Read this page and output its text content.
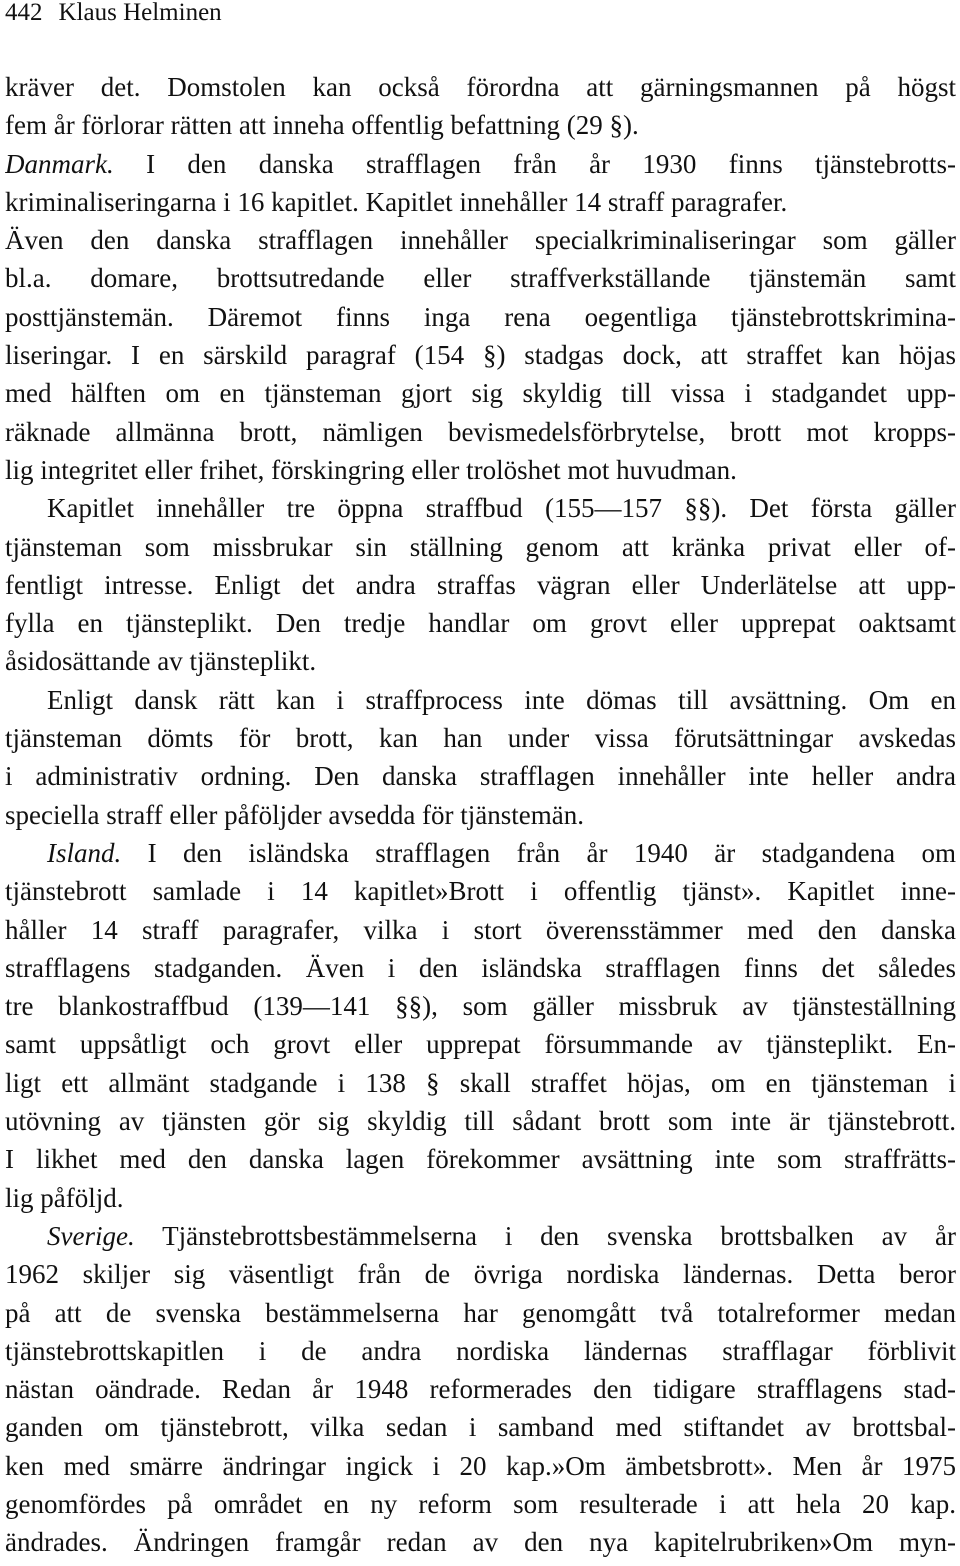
442 Klaus Helminen
kräver det. Domstolen kan också förordna att gärningsmannen på högst
fem år förlorar rätten att inneha offentlig befattning (29 §).
Danmark. I den danska strafflagen från år 1930 finns tjänstebrotts-
kriminaliseringarna i 16 kapitlet. Kapitlet innehåller 14 straff paragrafer.
Även den danska strafflagen innehåller specialkriminaliseringar som gäller
bl.a. domare, brottsutredande eller straffverkställande tjänstemän samt
posttjänstemän. Däremot finns inga rena oegentliga tjänstebrottskrimina-
liseringar. I en särskild paragraf (154 §) stadgas dock, att straffet kan höjas
med hälften om en tjänsteman gjort sig skyldig till vissa i stadgandet upp-
räknade allmänna brott, nämligen bevismedelsförbrytelse, brott mot kropps-
lig integritet eller frihet, förskingring eller trolöshet mot huvudman.
Kapitlet innehåller tre öppna straffbud (155—157 §§). Det första gäller
tjänsteman som missbrukar sin ställning genom att kränka privat eller of-
fentligt intresse. Enligt det andra straffas vägran eller Underlätelse att upp-
fylla en tjänsteplikt. Den tredje handlar om grovt eller upprepat oaktsamt
åsidosättande av tjänsteplikt.
Enligt dansk rätt kan i straffprocess inte dömas till avsättning. Om en
tjänsteman dömts för brott, kan han under vissa förutsättningar avskedas
i administrativ ordning. Den danska strafflagen innehåller inte heller andra
speciella straff eller påföljder avsedda för tjänstemän.
Island. I den isländska strafflagen från år 1940 är stadgandena om
tjänstebrott samlade i 14 kapitlet»Brott i offentlig tjänst». Kapitlet inne-
håller 14 straff paragrafer, vilka i stort överensstämmer med den danska
strafflagens stadganden. Även i den isländska strafflagen finns det således
tre blankostraffbud (139—141 §§), som gäller missbruk av tjänsteställning
samt uppsåtligt och grovt eller upprepat försummande av tjänsteplikt. En-
ligt ett allmänt stadgande i 138 § skall straffet höjas, om en tjänsteman i
utövning av tjänsten gör sig skyldig till sådant brott som inte är tjänstebrott.
I likhet med den danska lagen förekommer avsättning inte som straffrätts-
lig påföljd.
Sverige. Tjänstebrottsbestämmelserna i den svenska brottsbalken av år
1962 skiljer sig väsentligt från de övriga nordiska ländernas. Detta beror
på att de svenska bestämmelserna har genomgått två totalreformer medan
tjänstebrottskapitlen i de andra nordiska ländernas strafflagar förblivit
nästan oändrade. Redan år 1948 reformerades den tidigare strafflagens stad-
ganden om tjänstebrott, vilka sedan i samband med stiftandet av brottsbal-
ken med smärre ändringar ingick i 20 kap.»Om ämbetsbrott». Men år 1975
genomfördes på området en ny reform som resulterade i att hela 20 kap.
ändrades. Ändringen framgår redan av den nya kapitelrubriken»Om myn-
